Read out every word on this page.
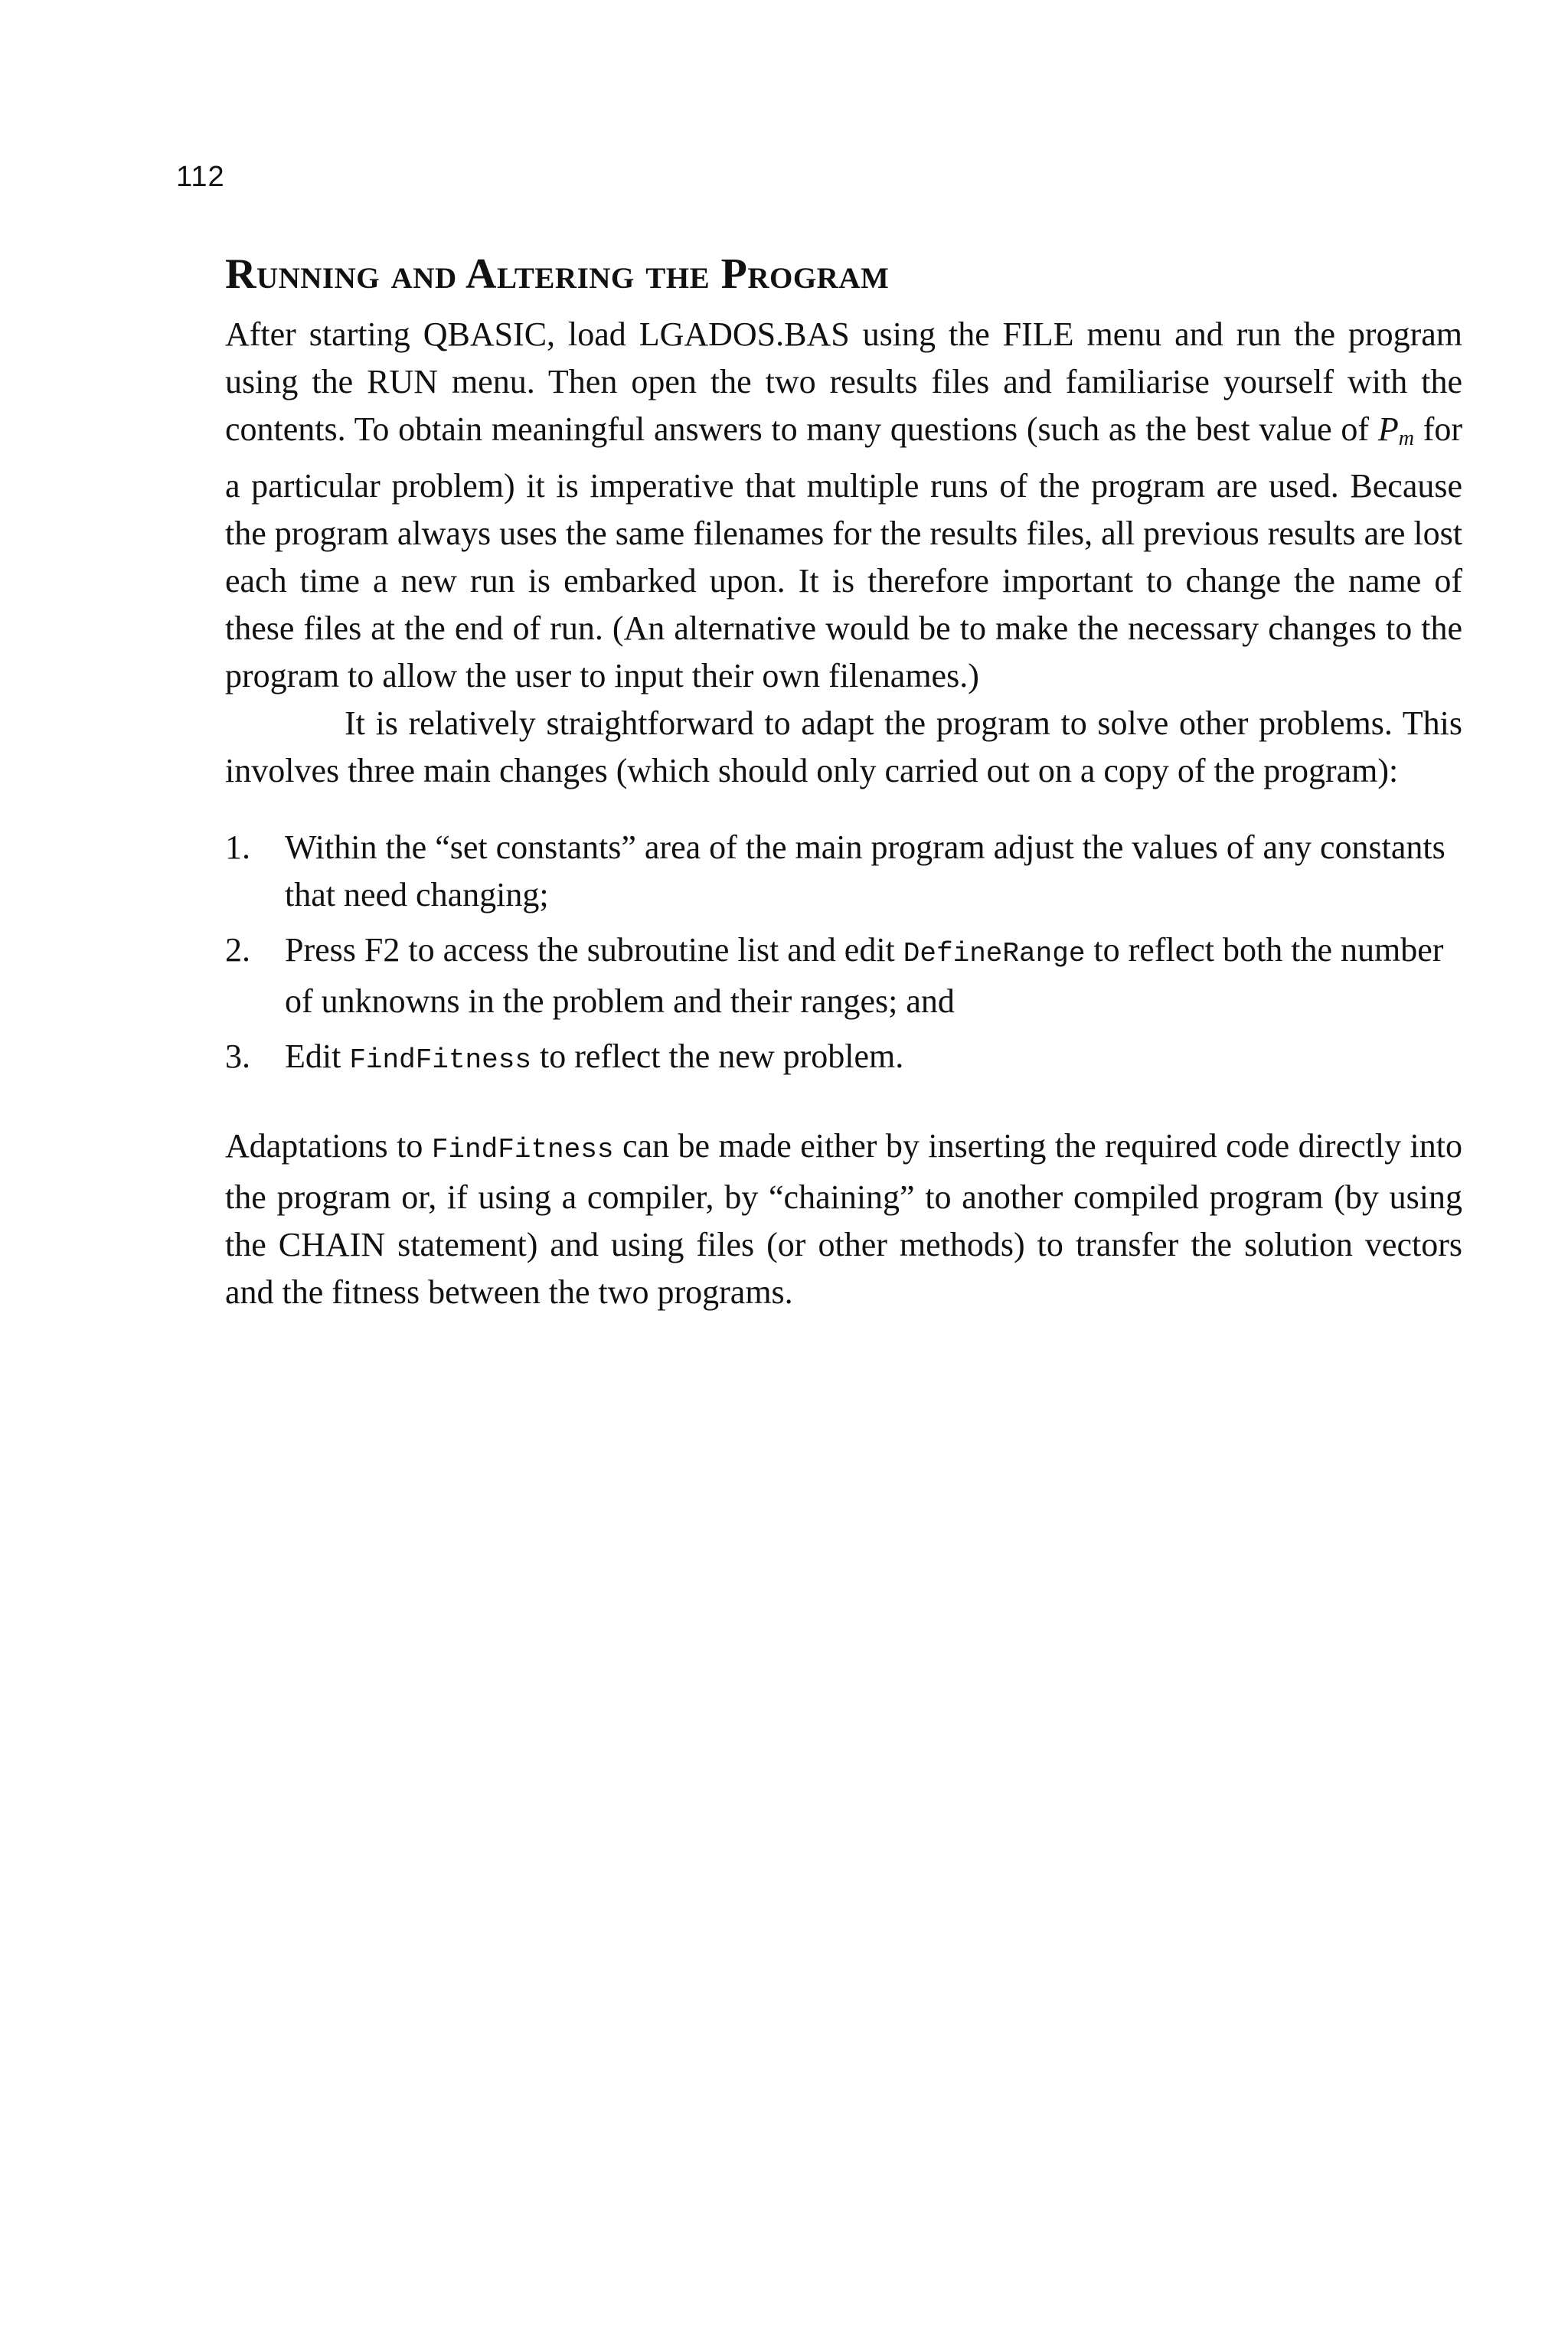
112
Running and Altering the Program

After starting QBASIC, load LGADOS.BAS using the FILE menu and run the program using the RUN menu. Then open the two results files and familiarise yourself with the contents. To obtain meaningful answers to many questions (such as the best value of $P_m$ for a particular problem) it is imperative that multiple runs of the program are used. Because the program always uses the same filenames for the results files, all previous results are lost each time a new run is embarked upon. It is therefore important to change the name of these files at the end of run. (An alternative would be to make the necessary changes to the program to allow the user to input their own filenames.)

It is relatively straightforward to adapt the program to solve other problems. This involves three main changes (which should only carried out on a copy of the program):

1. Within the “set constants” area of the main program adjust the values of any constants that need changing;
2. Press F2 to access the subroutine list and edit DefineRange to reflect both the number of unknowns in the problem and their ranges; and
3. Edit FindFitness to reflect the new problem.

Adaptations to FindFitness can be made either by inserting the required code directly into the program or, if using a compiler, by “chaining” to another compiled program (by using the CHAIN statement) and using files (or other methods) to transfer the solution vectors and the fitness between the two programs.
